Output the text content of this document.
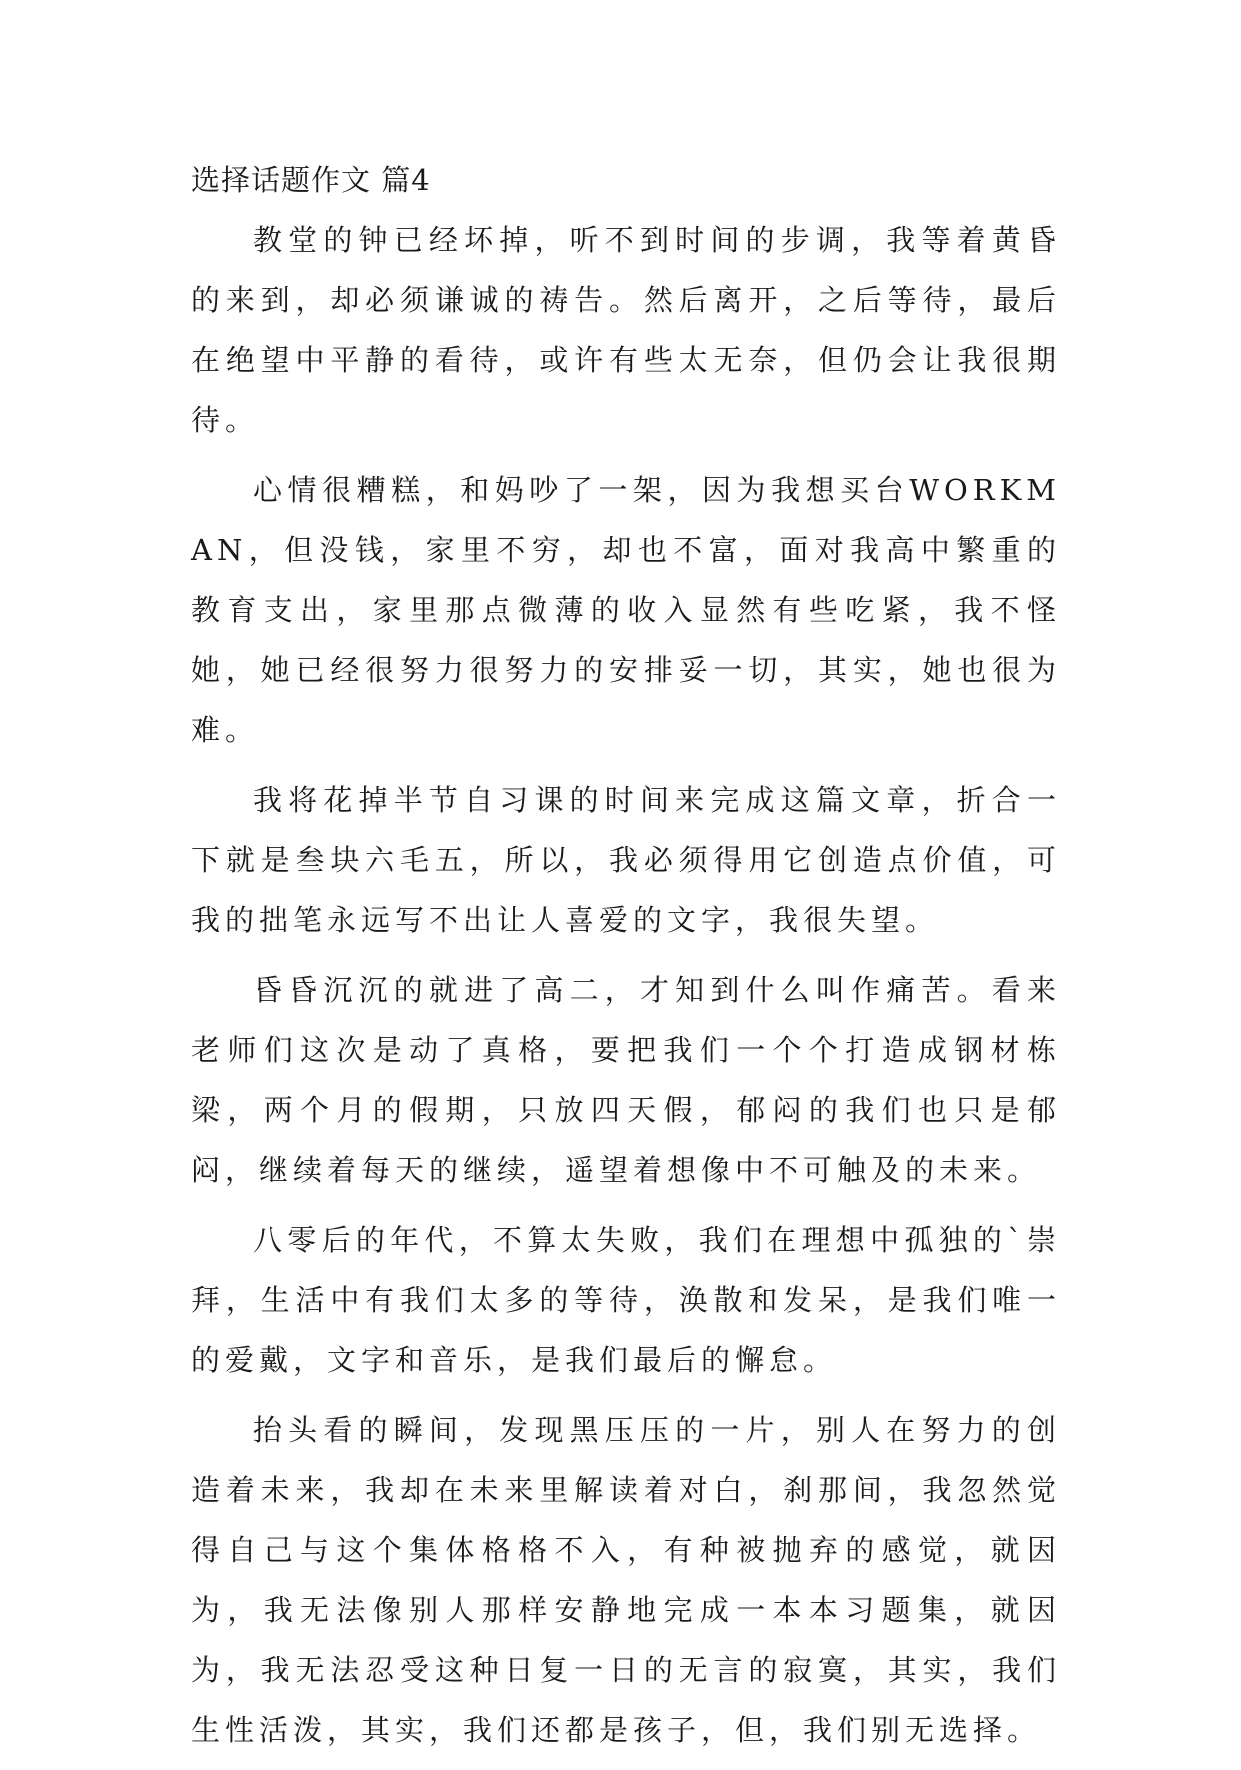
选择话题作文 篇4

教堂的钟已经坏掉，听不到时间的步调，我等着黄昏的来到，却必须谦诚的祷告。然后离开，之后等待，最后在绝望中平静的看待，或许有些太无奈，但仍会让我很期待。

心情很糟糕，和妈吵了一架，因为我想买台WORKMAN，但没钱，家里不穷，却也不富，面对我高中繁重的教育支出，家里那点微薄的收入显然有些吃紧，我不怪她，她已经很努力很努力的安排妥一切，其实，她也很为难。

我将花掉半节自习课的时间来完成这篇文章，折合一下就是叁块六毛五，所以，我必须得用它创造点价值，可我的拙笔永远写不出让人喜爱的文字，我很失望。

昏昏沉沉的就进了高二，才知到什么叫作痛苦。看来老师们这次是动了真格，要把我们一个个打造成钢材栋梁，两个月的假期，只放四天假，郁闷的我们也只是郁闷，继续着每天的继续，遥望着想像中不可触及的未来。

八零后的年代，不算太失败，我们在理想中孤独的`崇拜，生活中有我们太多的等待，涣散和发呆，是我们唯一的爱戴，文字和音乐，是我们最后的懈怠。

抬头看的瞬间，发现黑压压的一片，别人在努力的创造着未来，我却在未来里解读着对白，刹那间，我忽然觉得自己与这个集体格格不入，有种被抛弃的感觉，就因为，我无法像别人那样安静地完成一本本习题集，就因为，我无法忍受这种日复一日的无言的寂寞，其实，我们生性活泼，其实，我们还都是孩子，但，我们别无选择。
